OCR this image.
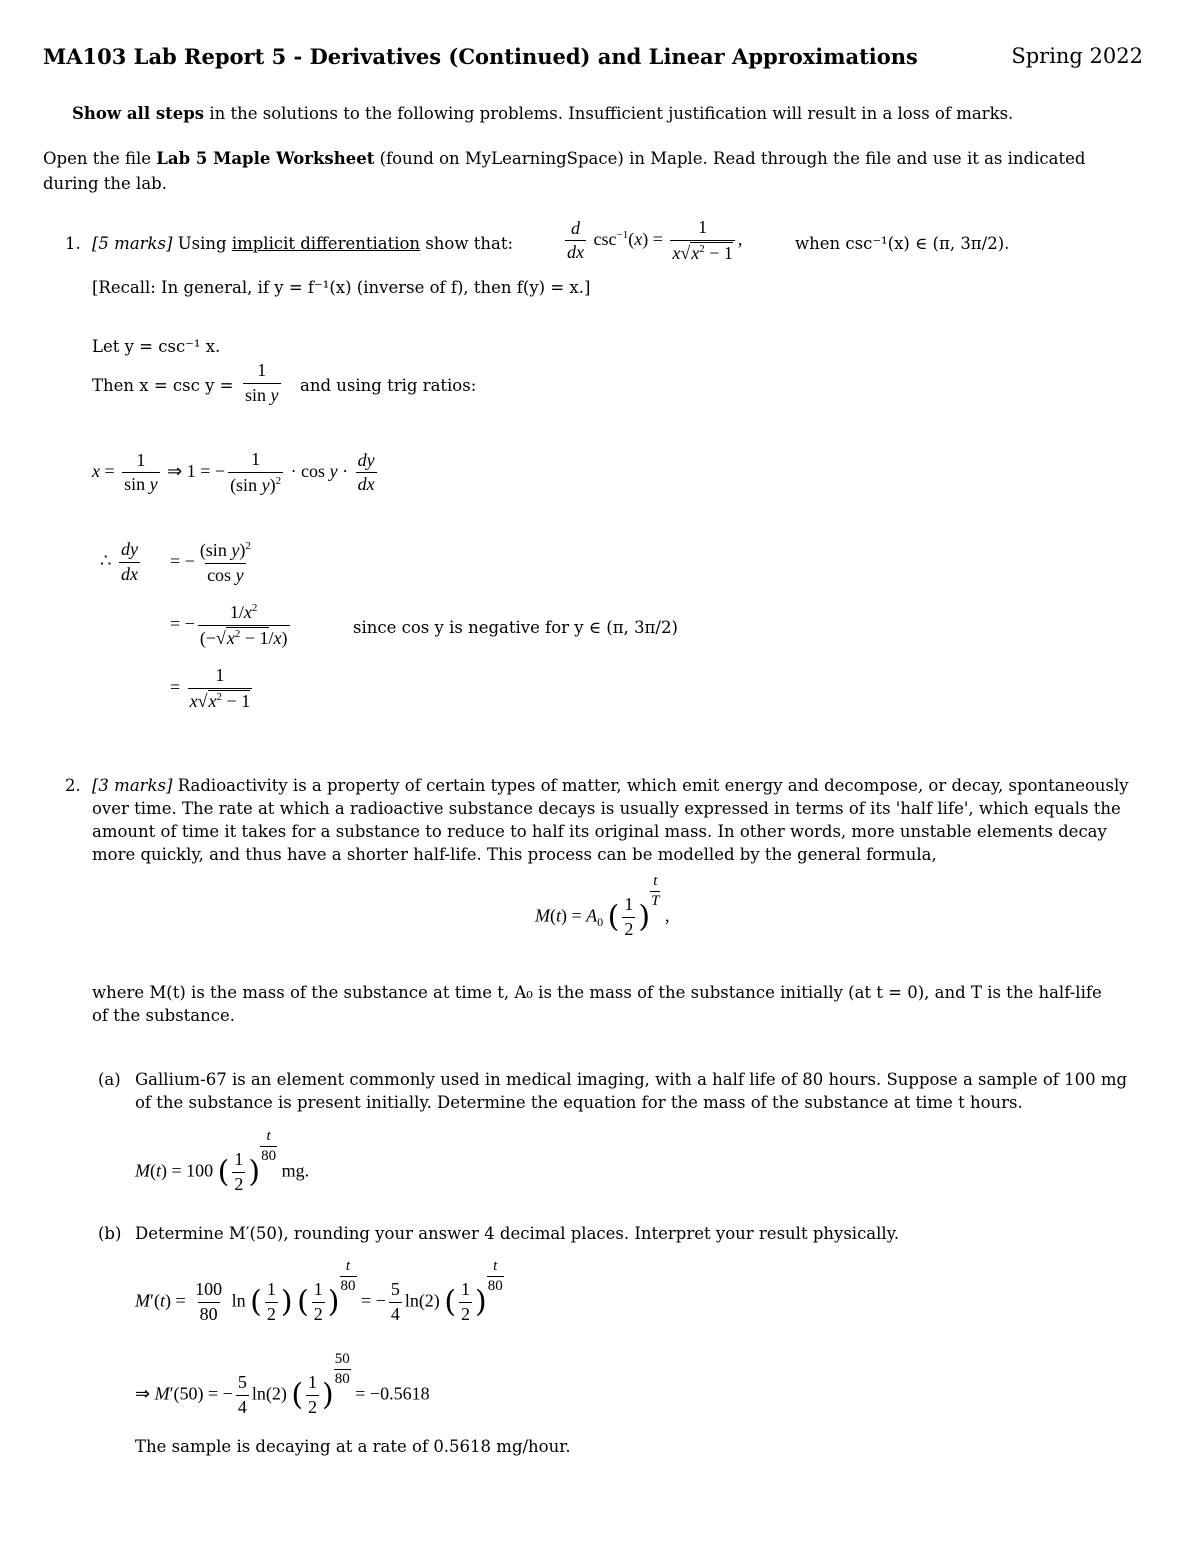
MA103 Lab Report 5 - Derivatives (Continued) and Linear Approximations	Spring 2022
Show all steps in the solutions to the following problems. Insufficient justification will result in a loss of marks.
Open the file Lab 5 Maple Worksheet (found on MyLearningSpace) in Maple. Read through the file and use it as indicated
during the lab.
1. [5 marks] Using implicit differentiation show that:	$\frac{d}{dx} \csc^{-1}(x) = \frac{1}{x√x^2 - 1}$ ,	when csc⁻¹(x) ∈ (π, 3π/2).
[Recall: In general, if y = f⁻¹(x) (inverse of f), then f(y) = x.]
Let y = csc⁻¹ x.
Then $x = \csc y = \frac{1}{\text{sin y}}$ and using trig ratios:
$x = \frac{1}{\text{sin y}}$ ⇒ 1 = − $\frac{1}{(\sin y)^2} \cdot \cos y \cdot \frac{dy}{dx}$
∴ $\frac{dy}{dx}$ = − $\frac{(\sin y)^2}{\text{cos y}}$
= − $\frac{1/x^2}{(-√x^2 - 1/x)}$	since cos y is negative for y ∈ (π, 3π/2)
= $\frac{1}{x√x^2 - 1}$
2. [3 marks] Radioactivity is a property of certain types of matter, which emit energy and decompose, or decay, spontaneously
over time. The rate at which a radioactive substance decays is usually expressed in terms of its 'half life', which equals the
amount of time it takes for a substance to reduce to half its original mass. In other words, more unstable elements decay
more quickly, and thus have a shorter half-life. This process can be modelled by the general formula,
$M(t) = A_0$ ( $\frac{1}{2}$ )
$\frac{t}{T}$
,
where M(t) is the mass of the substance at time t, A₀ is the mass of the substance initially (at t = 0), and T is the half-life
of the substance.
(a) Gallium-67 is an element commonly used in medical imaging, with a half life of 80 hours. Suppose a sample of 100 mg
of the substance is present initially. Determine the equation for the mass of the substance at time t hours.
M(t) = 100 ( $\frac{1}{2}$ )
$\frac{t}{80}$
mg.
(b) Determine M′(50), rounding your answer 4 decimal places. Interpret your result physically.
$M'(t) = \frac{100}{80}$ ln ( $\frac{1}{2}$ ) ( $\frac{1}{2}$ )
$\frac{t}{80}$
= − $\frac{5}{4} \ln(2)$ ( $\frac{1}{2}$ )
$\frac{t}{80}$
⇒ M′(50) = − $\frac{5}{4} \ln(2)$ ( $\frac{1}{2}$ )
$\frac{50}{80}$
= −0.5618
The sample is decaying at a rate of 0.5618 mg/hour.
